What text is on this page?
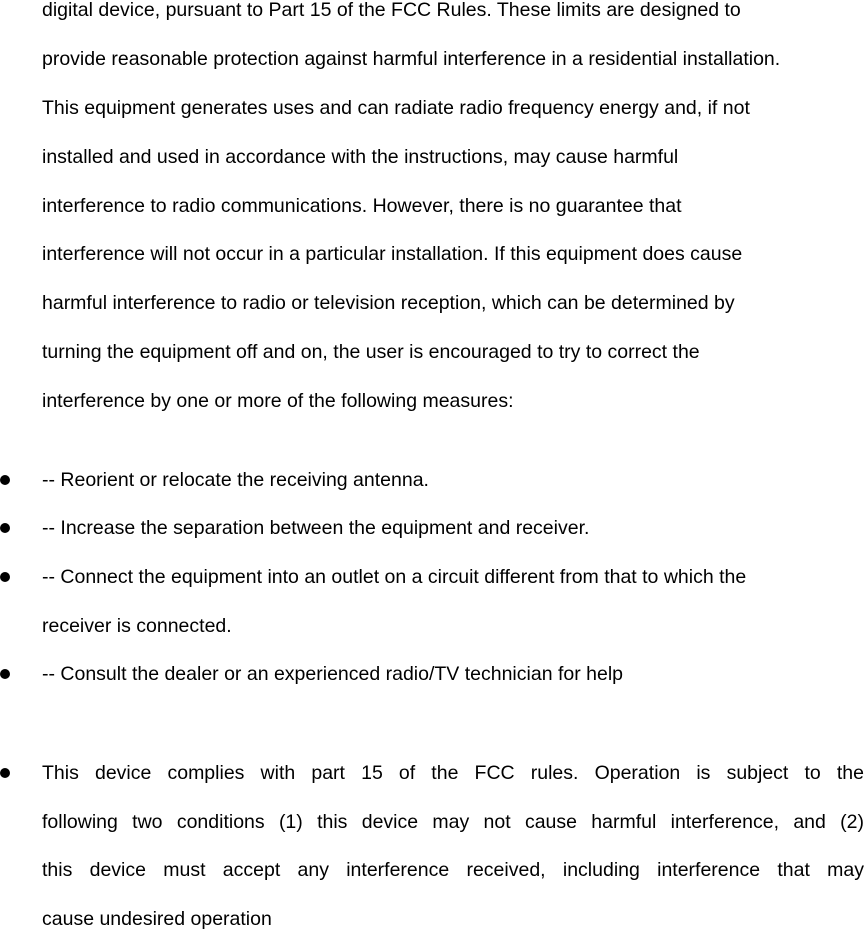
digital device, pursuant to Part 15 of the FCC Rules. These limits are designed to
provide reasonable protection against harmful interference in a residential installation.
This equipment generates uses and can radiate radio frequency energy and, if not
installed and used in accordance with the instructions, may cause harmful
interference to radio communications. However, there is no guarantee that
interference will not occur in a particular installation. If this equipment does cause
harmful interference to radio or television reception, which can be determined by
turning the equipment off and on, the user is encouraged to try to correct the
interference by one or more of the following measures:
-- Reorient or relocate the receiving antenna.
-- Increase the separation between the equipment and receiver.
-- Connect the equipment into an outlet on a circuit different from that to which the
receiver is connected.
-- Consult the dealer or an experienced radio/TV technician for help
This device complies with part 15 of the FCC rules. Operation is subject to the
following two conditions (1) this device may not cause harmful interference, and (2)
this device must accept any interference received, including interference that may
cause undesired operation
